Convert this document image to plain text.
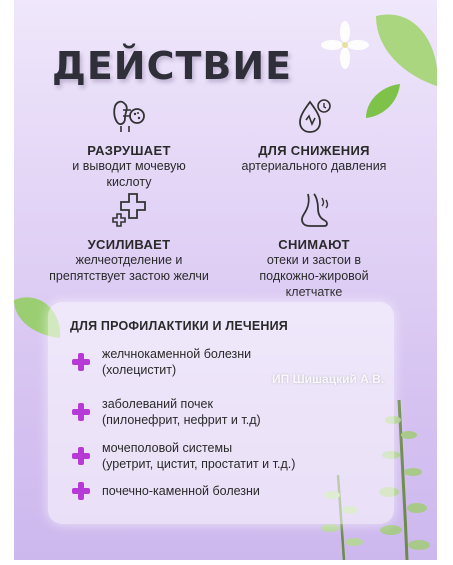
ДЕЙСТВИЕ
РАЗРУШАЕТ
и выводит мочевую
кислоту
ДЛЯ СНИЖЕНИЯ
артериального давления
УСИЛИВАЕТ
желчеотделение и
препятствует застою желчи
СНИМАЮТ
отеки и застои в
подкожно-жировой
клетчатке
ДЛЯ ПРОФИЛАКТИКИ И ЛЕЧЕНИЯ
желчнокаменной болезни
(холецистит)
заболеваний почек
(пилонефрит, нефрит и т.д)
мочеполовой системы
(уретрит, цистит, простатит и т.д.)
почечно-каменной болезни
ИП Шишацкий А.В.
